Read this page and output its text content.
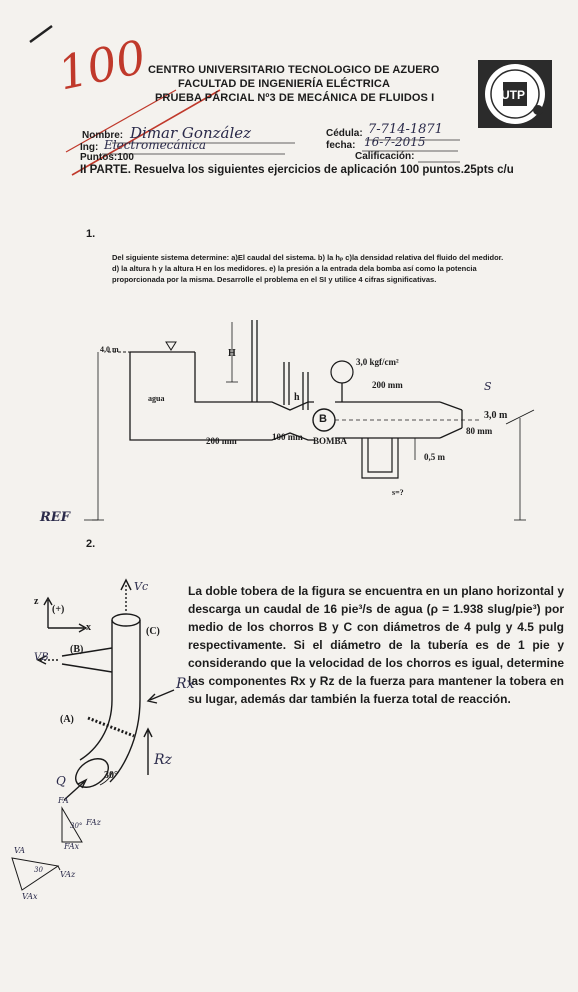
100
CENTRO UNIVERSITARIO TECNOLOGICO DE AZUERO
FACULTAD DE INGENIERÍA ELÉCTRICA
PRUEBA PÁRCIAL Nº3 DE MECÁNICA DE FLUIDOS I	UTP
Nombre: Dimar González
Ing: Electromecánica
Puntos:100
Cédula: 7-714-1871
fecha: 16-7-2015
Calificación:
II PARTE. Resuelva los siguientes ejercicios de aplicación 100 puntos.25pts c/u
1.
Del siguiente sistema determine: a)El caudal del sistema. b) la hₚ c)la densidad relativa del fluido del medidor. d) la altura h y la altura H en los medidores. e) la presión a la entrada dela bomba así como la potencia proporcionada por la misma. Desarrolle el problema en el SI y utilice 4 cifras significativas.
4,0 m
agua
200 mm	100 mm BOMBA
B
3,0 kgf/cm²
200 mm
80 mm
3,0 m
0,5 m
s=?
H
h
S
REF
2.
La doble tobera de la figura se encuentra en un plano horizontal y descarga un caudal de 16 pie³/s de agua (ρ = 1.938 slug/pie³) por medio de los chorros B y C con diámetros de 4 pulg y 4.5 pulg respectivamente. Si el diámetro de la tubería es de 1 pie y considerando que la velocidad de los chorros es igual, determine las componentes Rx y Rz de la fuerza para mantener la tobera en su lugar, además dar también la fuerza total de reacción.
z
(+)
x
Vc
(C)
(B)
VB
(A)
Rx
Rz
Q	30°
FA
FAx
FAz
30°
VA
VAz
VAx
30
